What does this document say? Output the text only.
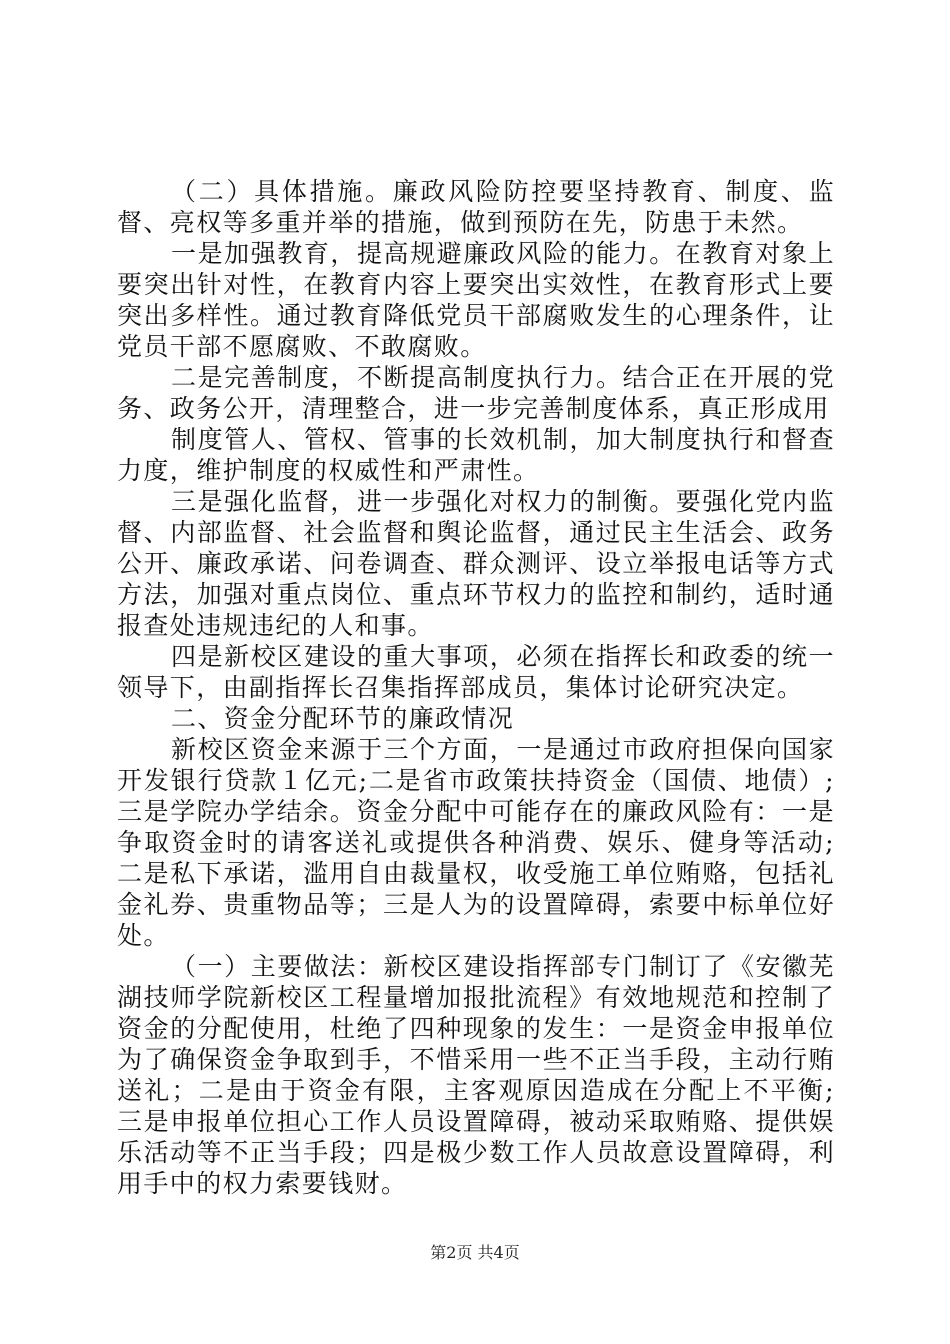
（二）具体措施。廉政风险防控要坚持教育、制度、监督、亮权等多重并举的措施，做到预防在先，防患于未然。

一是加强教育，提高规避廉政风险的能力。在教育对象上要突出针对性，在教育内容上要突出实效性，在教育形式上要突出多样性。通过教育降低党员干部腐败发生的心理条件，让党员干部不愿腐败、不敢腐败。

二是完善制度，不断提高制度执行力。结合正在开展的党务、政务公开，清理整合，进一步完善制度体系，真正形成用

制度管人、管权、管事的长效机制，加大制度执行和督查力度，维护制度的权威性和严肃性。

三是强化监督，进一步强化对权力的制衡。要强化党内监督、内部监督、社会监督和舆论监督，通过民主生活会、政务公开、廉政承诺、问卷调查、群众测评、设立举报电话等方式方法，加强对重点岗位、重点环节权力的监控和制约，适时通报查处违规违纪的人和事。

四是新校区建设的重大事项，必须在指挥长和政委的统一领导下，由副指挥长召集指挥部成员，集体讨论研究决定。

二、资金分配环节的廉政情况

新校区资金来源于三个方面，一是通过市政府担保向国家开发银行贷款１亿元;二是省市政策扶持资金（国债、地债）;三是学院办学结余。资金分配中可能存在的廉政风险有：一是争取资金时的请客送礼或提供各种消费、娱乐、健身等活动;二是私下承诺，滥用自由裁量权，收受施工单位贿赂，包括礼金礼券、贵重物品等；三是人为的设置障碍，索要中标单位好处。

（一）主要做法：新校区建设指挥部专门制订了《安徽芜湖技师学院新校区工程量增加报批流程》有效地规范和控制了资金的分配使用，杜绝了四种现象的发生：一是资金申报单位为了确保资金争取到手，不惜采用一些不正当手段，主动行贿送礼；二是由于资金有限，主客观原因造成在分配上不平衡;三是申报单位担心工作人员设置障碍，被动采取贿赂、提供娱乐活动等不正当手段；四是极少数工作人员故意设置障碍，利用手中的权力索要钱财。

第2页 共4页
